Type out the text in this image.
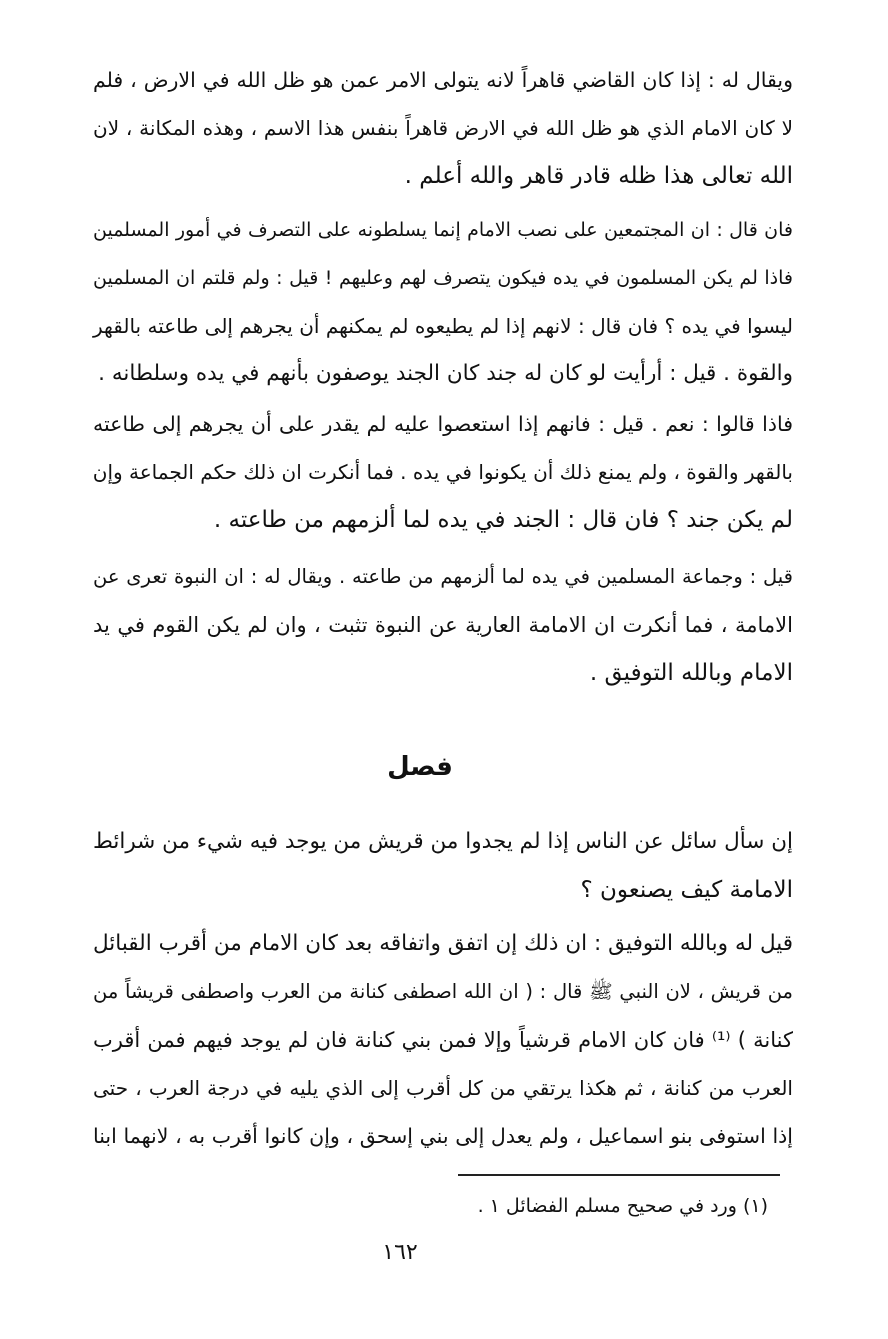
ويقال له : إذا كان القاضي قاهراً لانه يتولى الامر عمن هو ظل الله في الارض ، فلم
لا كان الامام الذي هو ظل الله في الارض قاهراً بنفس هذا الاسم ، وهذه المكانة ، لان
الله تعالى هذا ظله قادر قاهر والله أعلم .
فان قال : ان المجتمعين على نصب الامام إنما يسلطونه على التصرف في أمور المسلمين
فاذا لم يكن المسلمون في يده فيكون يتصرف لهم وعليهم ! قيل : ولم قلتم ان المسلمين
ليسوا في يده ؟ فان قال : لانهم إذا لم يطيعوه لم يمكنهم أن يجرهم إلى طاعته بالقهر
والقوة . قيل : أرأيت لو كان له جند كان الجند يوصفون بأنهم في يده وسلطانه .
فاذا قالوا : نعم . قيل : فانهم إذا استعصوا عليه لم يقدر على أن يجرهم إلى طاعته
بالقهر والقوة ، ولم يمنع ذلك أن يكونوا في يده . فما أنكرت ان ذلك حكم الجماعة وإن
لم يكن جند ؟ فان قال : الجند في يده لما ألزمهم من طاعته .
قيل : وجماعة المسلمين في يده لما ألزمهم من طاعته . ويقال له : ان النبوة تعرى عن
الامامة ، فما أنكرت ان الامامة العارية عن النبوة تثبت ، وان لم يكن القوم في يد
الامام وبالله التوفيق .
فصل
إن سأل سائل عن الناس إذا لم يجدوا من قريش من يوجد فيه شيء من شرائط
الامامة كيف يصنعون ؟
قيل له وبالله التوفيق : ان ذلك إن اتفق واتفاقه بعد كان الامام من أقرب القبائل
من قريش ، لان النبي ﷺ قال : ( ان الله اصطفى كنانة من العرب واصطفى قريشاً من
كنانة ) ⁽¹⁾ فان كان الامام قرشياً وإلا فمن بني كنانة فان لم يوجد فيهم فمن أقرب
العرب من كنانة ، ثم هكذا يرتقي من كل أقرب إلى الذي يليه في درجة العرب ، حتى
إذا استوفى بنو اسماعيل ، ولم يعدل إلى بني إسحق ، وإن كانوا أقرب به ، لانهما ابنا
(١) ورد في صحيح مسلم الفضائل ١ .
١٦٢
